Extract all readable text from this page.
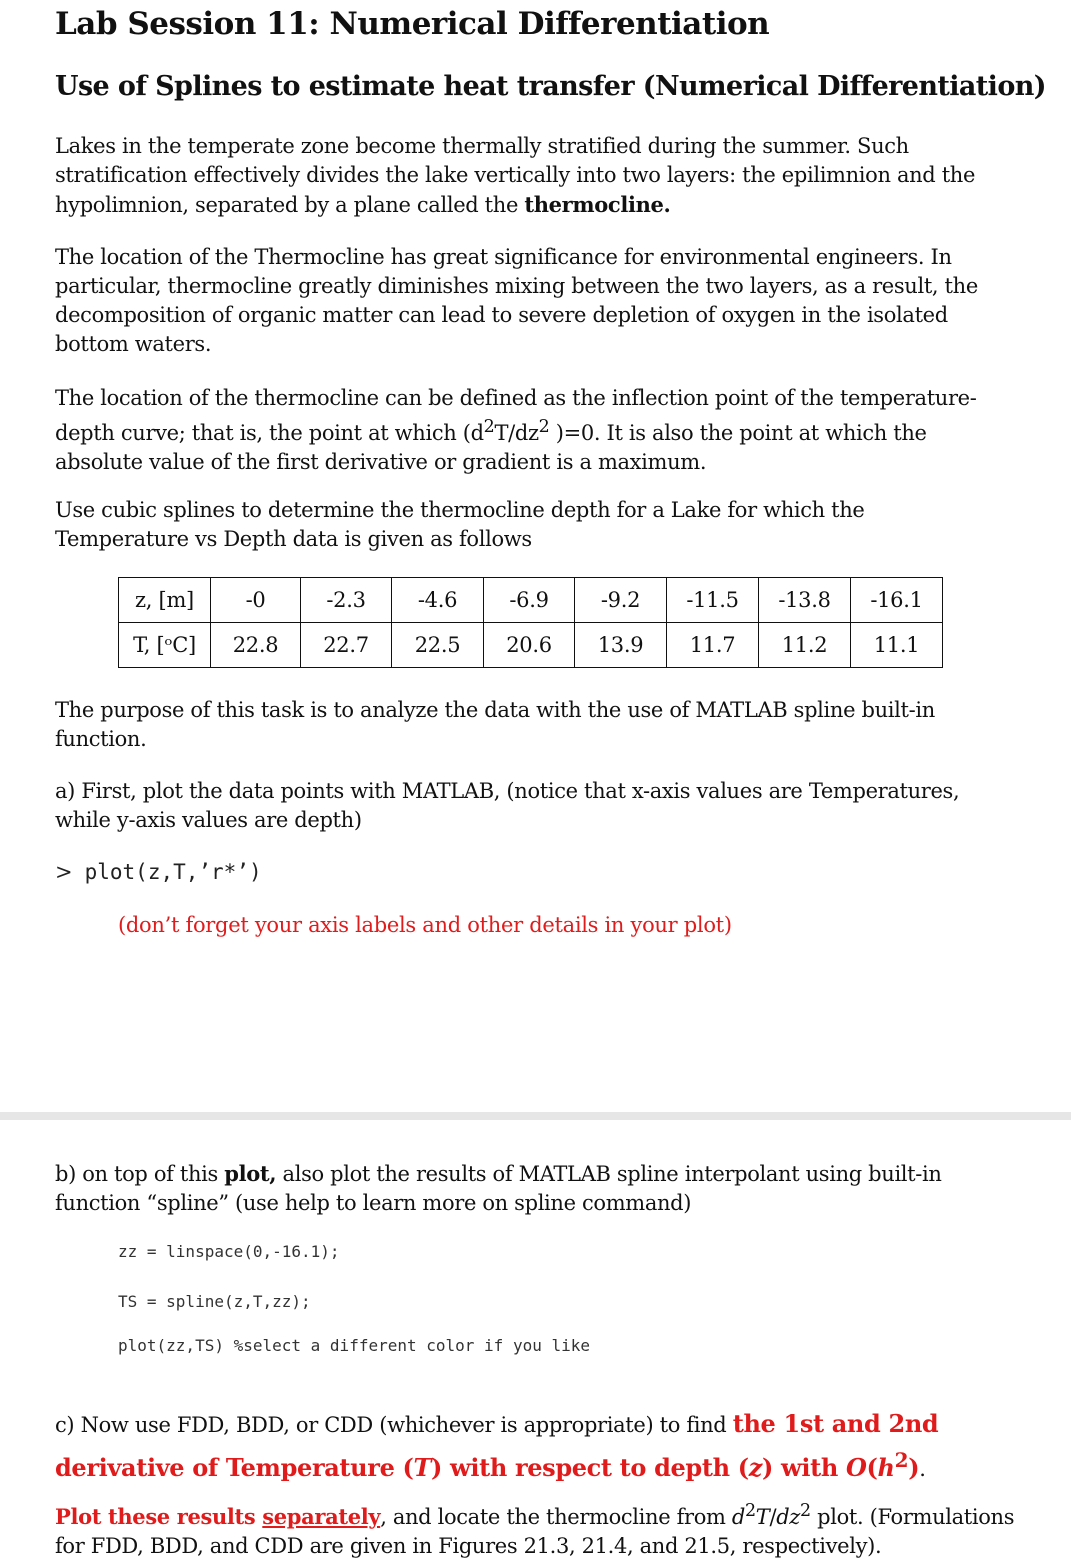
Lab Session 11: Numerical Differentiation
Use of Splines to estimate heat transfer (Numerical Differentiation)
Lakes in the temperate zone become thermally stratified during the summer. Such stratification effectively divides the lake vertically into two layers: the epilimnion and the hypolimnion, separated by a plane called the thermocline.
The location of the Thermocline has great significance for environmental engineers. In particular, thermocline greatly diminishes mixing between the two layers, as a result, the decomposition of organic matter can lead to severe depletion of oxygen in the isolated bottom waters.
The location of the thermocline can be defined as the inflection point of the temperature-depth curve; that is, the point at which ($d^2T/dz^2$ )=0. It is also the point at which the absolute value of the first derivative or gradient is a maximum.
Use cubic splines to determine the thermocline depth for a Lake for which the Temperature vs Depth data is given as follows
z, [m]	-0	-2.3	-4.6	-6.9	-9.2	-11.5	-13.8	-16.1
T, [ᵒC]	22.8	22.7	22.5	20.6	13.9	11.7	11.2	11.1
The purpose of this task is to analyze the data with the use of MATLAB spline built-in function.
a) First, plot the data points with MATLAB, (notice that x-axis values are Temperatures, while y-axis values are depth)
> plot(z,T,’r*’)
(don’t forget your axis labels and other details in your plot)
b) on top of this plot, also plot the results of MATLAB spline interpolant using built-in function “spline” (use help to learn more on spline command)
zz = linspace(0,-16.1);
TS = spline(z,T,zz);
plot(zz,TS) %select a different color if you like
c) Now use FDD, BDD, or CDD (whichever is appropriate) to find the 1st and 2nd derivative of Temperature (T) with respect to depth (z) with $O(h^2)$.
Plot these results separately, and locate the thermocline from $d^2T/dz^2$ plot. (Formulations for FDD, BDD, and CDD are given in Figures 21.3, 21.4, and 21.5, respectively).
